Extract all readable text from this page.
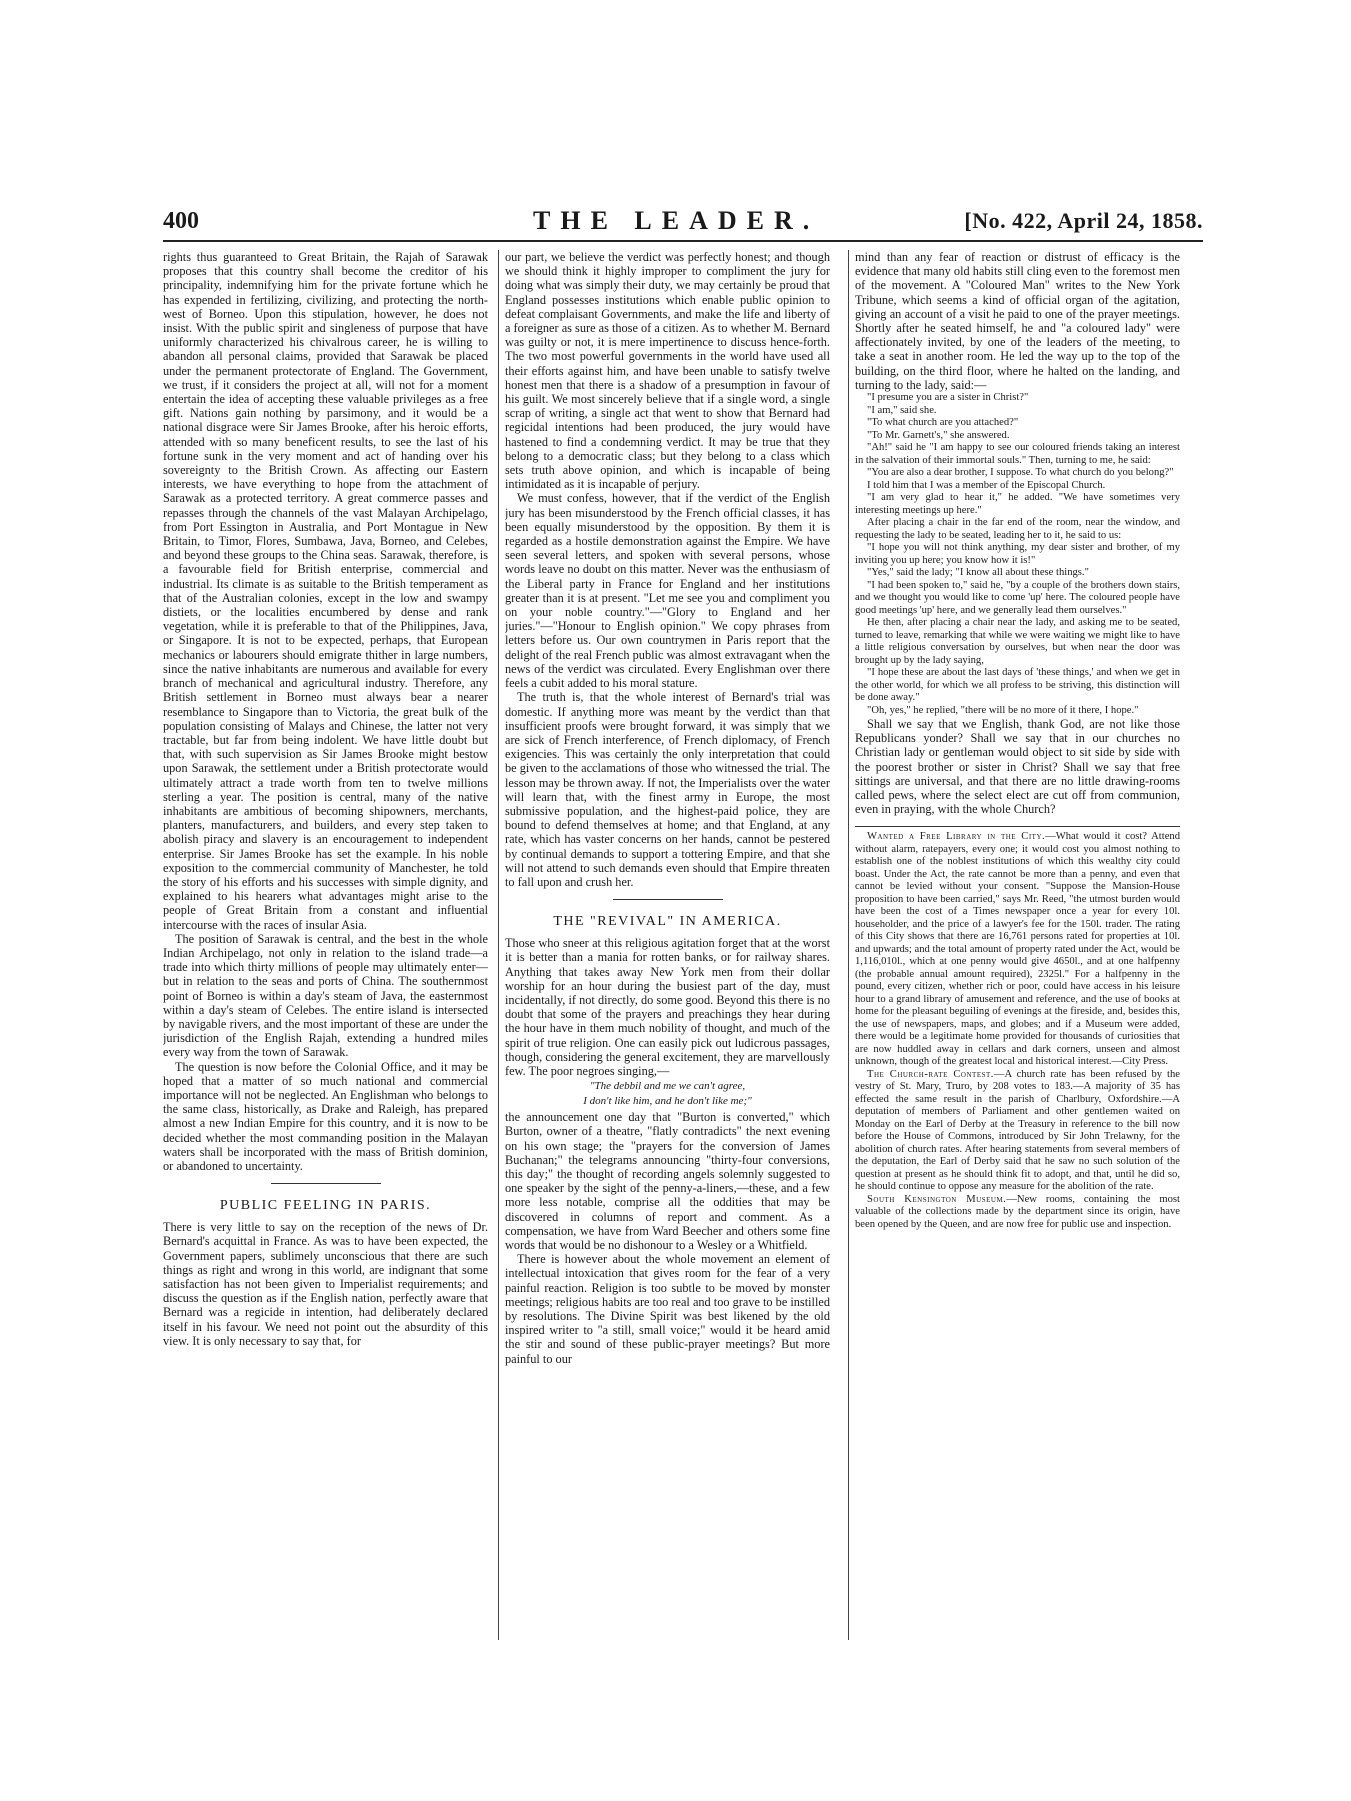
400	THE LEADER.	[No. 422, April 24, 1858.

rights thus guaranteed to Great Britain, the Rajah of Sarawak proposes that this country shall become the creditor of his principality, indemnifying him for the private fortune which he has expended in fertilizing, civilizing, and protecting the north-west of Borneo. Upon this stipulation, however, he does not insist. With the public spirit and singleness of purpose that have uniformly characterized his chivalrous career, he is willing to abandon all personal claims, provided that Sarawak be placed under the permanent protectorate of England. The Government, we trust, if it considers the project at all, will not for a moment entertain the idea of accepting these valuable privileges as a free gift. Nations gain nothing by parsimony, and it would be a national disgrace were Sir James Brooke, after his heroic efforts, attended with so many beneficent results, to see the last of his fortune sunk in the very moment and act of handing over his sovereignty to the British Crown. As affecting our Eastern interests, we have everything to hope from the attachment of Sarawak as a protected territory. A great commerce passes and repasses through the channels of the vast Malayan Archipelago, from Port Essington in Australia, and Port Montague in New Britain, to Timor, Flores, Sumbawa, Java, Borneo, and Celebes, and beyond these groups to the China seas. Sarawak, therefore, is a favourable field for British enterprise, commercial and industrial. Its climate is as suitable to the British temperament as that of the Australian colonies, except in the low and swampy distiets, or the localities encumbered by dense and rank vegetation, while it is preferable to that of the Philippines, Java, or Singapore. It is not to be expected, perhaps, that European mechanics or labourers should emigrate thither in large numbers, since the native inhabitants are numerous and available for every branch of mechanical and agricultural industry. Therefore, any British settlement in Borneo must always bear a nearer resemblance to Singapore than to Victoria, the great bulk of the population consisting of Malays and Chinese, the latter not very tractable, but far from being indolent. We have little doubt but that, with such supervision as Sir James Brooke might bestow upon Sarawak, the settlement under a British protectorate would ultimately attract a trade worth from ten to twelve millions sterling a year. The position is central, many of the native inhabitants are ambitious of becoming shipowners, merchants, planters, manufacturers, and builders, and every step taken to abolish piracy and slavery is an encouragement to independent enterprise. Sir James Brooke has set the example. In his noble exposition to the commercial community of Manchester, he told the story of his efforts and his successes with simple dignity, and explained to his hearers what advantages might arise to the people of Great Britain from a constant and influential intercourse with the races of insular Asia.

The position of Sarawak is central, and the best in the whole Indian Archipelago, not only in relation to the island trade—a trade into which thirty millions of people may ultimately enter—but in relation to the seas and ports of China. The southernmost point of Borneo is within a day's steam of Java, the easternmost within a day's steam of Celebes. The entire island is intersected by navigable rivers, and the most important of these are under the jurisdiction of the English Rajah, extending a hundred miles every way from the town of Sarawak.

The question is now before the Colonial Office, and it may be hoped that a matter of so much national and commercial importance will not be neglected. An Englishman who belongs to the same class, historically, as Drake and Raleigh, has prepared almost a new Indian Empire for this country, and it is now to be decided whether the most commanding position in the Malayan waters shall be incorporated with the mass of British dominion, or abandoned to uncertainty.

PUBLIC FEELING IN PARIS.

There is very little to say on the reception of the news of Dr. Bernard's acquittal in France. As was to have been expected, the Government papers, sublimely unconscious that there are such things as right and wrong in this world, are indignant that some satisfaction has not been given to Imperialist requirements; and discuss the question as if the English nation, perfectly aware that Bernard was a regicide in intention, had deliberately declared itself in his favour. We need not point out the absurdity of this view. It is only necessary to say that, for

our part, we believe the verdict was perfectly honest; and though we should think it highly improper to compliment the jury for doing what was simply their duty, we may certainly be proud that England possesses institutions which enable public opinion to defeat complaisant Governments, and make the life and liberty of a foreigner as sure as those of a citizen. As to whether M. Bernard was guilty or not, it is mere impertinence to discuss hence-forth. The two most powerful governments in the world have used all their efforts against him, and have been unable to satisfy twelve honest men that there is a shadow of a presumption in favour of his guilt. We most sincerely believe that if a single word, a single scrap of writing, a single act that went to show that Bernard had regicidal intentions had been produced, the jury would have hastened to find a condemning verdict. It may be true that they belong to a democratic class; but they belong to a class which sets truth above opinion, and which is incapable of being intimidated as it is incapable of perjury.

We must confess, however, that if the verdict of the English jury has been misunderstood by the French official classes, it has been equally misunderstood by the opposition. By them it is regarded as a hostile demonstration against the Empire. We have seen several letters, and spoken with several persons, whose words leave no doubt on this matter. Never was the enthusiasm of the Liberal party in France for England and her institutions greater than it is at present. "Let me see you and compliment you on your noble country."—"Glory to England and her juries."—"Honour to English opinion." We copy phrases from letters before us. Our own countrymen in Paris report that the delight of the real French public was almost extravagant when the news of the verdict was circulated. Every Englishman over there feels a cubit added to his moral stature.

The truth is, that the whole interest of Bernard's trial was domestic. If anything more was meant by the verdict than that insufficient proofs were brought forward, it was simply that we are sick of French interference, of French diplomacy, of French exigencies. This was certainly the only interpretation that could be given to the acclamations of those who witnessed the trial. The lesson may be thrown away. If not, the Imperialists over the water will learn that, with the finest army in Europe, the most submissive population, and the highest-paid police, they are bound to defend themselves at home; and that England, at any rate, which has vaster concerns on her hands, cannot be pestered by continual demands to support a tottering Empire, and that she will not attend to such demands even should that Empire threaten to fall upon and crush her.

THE "REVIVAL" IN AMERICA.

Those who sneer at this religious agitation forget that at the worst it is better than a mania for rotten banks, or for railway shares. Anything that takes away New York men from their dollar worship for an hour during the busiest part of the day, must incidentally, if not directly, do some good. Beyond this there is no doubt that some of the prayers and preachings they hear during the hour have in them much nobility of thought, and much of the spirit of true religion. One can easily pick out ludicrous passages, though, considering the general excitement, they are marvellously few. The poor negroes singing,—

"The debbil and me we can't agree,

I don't like him, and he don't like me;"

the announcement one day that "Burton is converted," which Burton, owner of a theatre, "flatly contradicts" the next evening on his own stage; the "prayers for the conversion of James Buchanan;" the telegrams announcing "thirty-four conversions, this day;" the thought of recording angels solemnly suggested to one speaker by the sight of the penny-a-liners,—these, and a few more less notable, comprise all the oddities that may be discovered in columns of report and comment. As a compensation, we have from Ward Beecher and others some fine words that would be no dishonour to a Wesley or a Whitfield.

There is however about the whole movement an element of intellectual intoxication that gives room for the fear of a very painful reaction. Religion is too subtle to be moved by monster meetings; religious habits are too real and too grave to be instilled by resolutions. The Divine Spirit was best likened by the old inspired writer to "a still, small voice;" would it be heard amid the stir and sound of these public-prayer meetings? But more painful to our

mind than any fear of reaction or distrust of efficacy is the evidence that many old habits still cling even to the foremost men of the movement. A "Coloured Man" writes to the New York Tribune, which seems a kind of official organ of the agitation, giving an account of a visit he paid to one of the prayer meetings. Shortly after he seated himself, he and "a coloured lady" were affectionately invited, by one of the leaders of the meeting, to take a seat in another room. He led the way up to the top of the building, on the third floor, where he halted on the landing, and turning to the lady, said:—

"I presume you are a sister in Christ?"

"I am," said she.

"To what church are you attached?"

"To Mr. Garnett's," she answered.

"Ah!" said he "I am happy to see our coloured friends taking an interest in the salvation of their immortal souls." Then, turning to me, he said:

"You are also a dear brother, I suppose. To what church do you belong?"

I told him that I was a member of the Episcopal Church.

"I am very glad to hear it," he added. "We have sometimes very interesting meetings up here."

After placing a chair in the far end of the room, near the window, and requesting the lady to be seated, leading her to it, he said to us:

"I hope you will not think anything, my dear sister and brother, of my inviting you up here; you know how it is!"

"Yes," said the lady; "I know all about these things."

"I had been spoken to," said he, "by a couple of the brothers down stairs, and we thought you would like to come 'up' here. The coloured people have good meetings 'up' here, and we generally lead them ourselves."

He then, after placing a chair near the lady, and asking me to be seated, turned to leave, remarking that while we were waiting we might like to have a little religious conversation by ourselves, but when near the door was brought up by the lady saying,

"I hope these are about the last days of 'these things,' and when we get in the other world, for which we all profess to be striving, this distinction will be done away."

"Oh, yes," he replied, "there will be no more of it there, I hope."

Shall we say that we English, thank God, are not like those Republicans yonder? Shall we say that in our churches no Christian lady or gentleman would object to sit side by side with the poorest brother or sister in Christ? Shall we say that free sittings are universal, and that there are no little drawing-rooms called pews, where the select elect are cut off from communion, even in praying, with the whole Church?

Wanted a Free Library in the City.—What would it cost? Attend without alarm, ratepayers, every one; it would cost you almost nothing to establish one of the noblest institutions of which this wealthy city could boast. Under the Act, the rate cannot be more than a penny, and even that cannot be levied without your consent. "Suppose the Mansion-House proposition to have been carried," says Mr. Reed, "the utmost burden would have been the cost of a Times newspaper once a year for every 10l. householder, and the price of a lawyer's fee for the 150l. trader. The rating of this City shows that there are 16,761 persons rated for properties at 10l. and upwards; and the total amount of property rated under the Act, would be 1,116,010l., which at one penny would give 4650l., and at one halfpenny (the probable annual amount required), 2325l." For a halfpenny in the pound, every citizen, whether rich or poor, could have access in his leisure hour to a grand library of amusement and reference, and the use of books at home for the pleasant beguiling of evenings at the fireside, and, besides this, the use of newspapers, maps, and globes; and if a Museum were added, there would be a legitimate home provided for thousands of curiosities that are now huddled away in cellars and dark corners, unseen and almost unknown, though of the greatest local and historical interest.—City Press.

The Church-rate Contest.—A church rate has been refused by the vestry of St. Mary, Truro, by 208 votes to 183.—A majority of 35 has effected the same result in the parish of Charlbury, Oxfordshire.—A deputation of members of Parliament and other gentlemen waited on Monday on the Earl of Derby at the Treasury in reference to the bill now before the House of Commons, introduced by Sir John Trelawny, for the abolition of church rates. After hearing statements from several members of the deputation, the Earl of Derby said that he saw no such solution of the question at present as he should think fit to adopt, and that, until he did so, he should continue to oppose any measure for the abolition of the rate.

South Kensington Museum.—New rooms, containing the most valuable of the collections made by the department since its origin, have been opened by the Queen, and are now free for public use and inspection.
